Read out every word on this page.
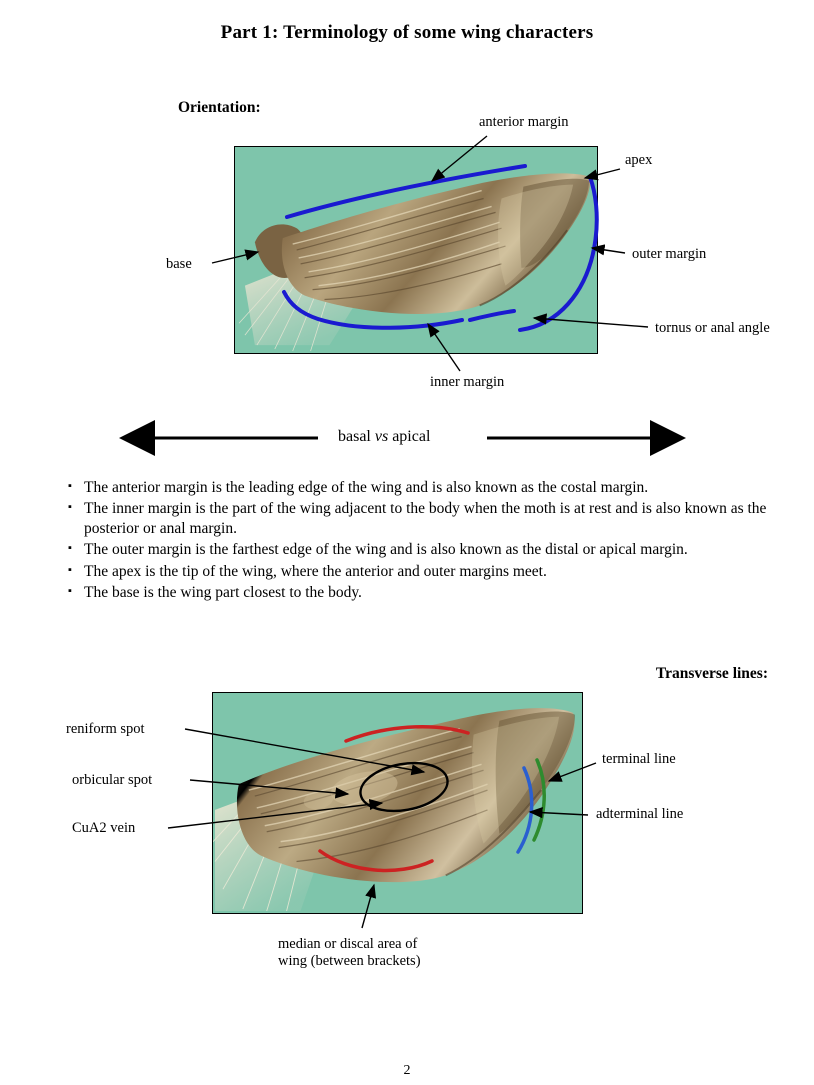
Part 1: Terminology of some wing characters
Orientation:
anterior margin
apex
outer margin
tornus or anal angle
inner margin
base
basal vs apical
▪ The anterior margin is the leading edge of the wing and is also known as the costal margin.
▪ The inner margin is the part of the wing adjacent to the body when the moth is at rest and is also known as the posterior or anal margin.
▪ The outer margin is the farthest edge of the wing and is also known as the distal or apical margin.
▪ The apex is the tip of the wing, where the anterior and outer margins meet.
▪ The base is the wing part closest to the body.
Transverse lines:
reniform spot
orbicular spot
CuA2 vein
terminal line
adterminal line
median or discal area of
wing (between brackets)
2
